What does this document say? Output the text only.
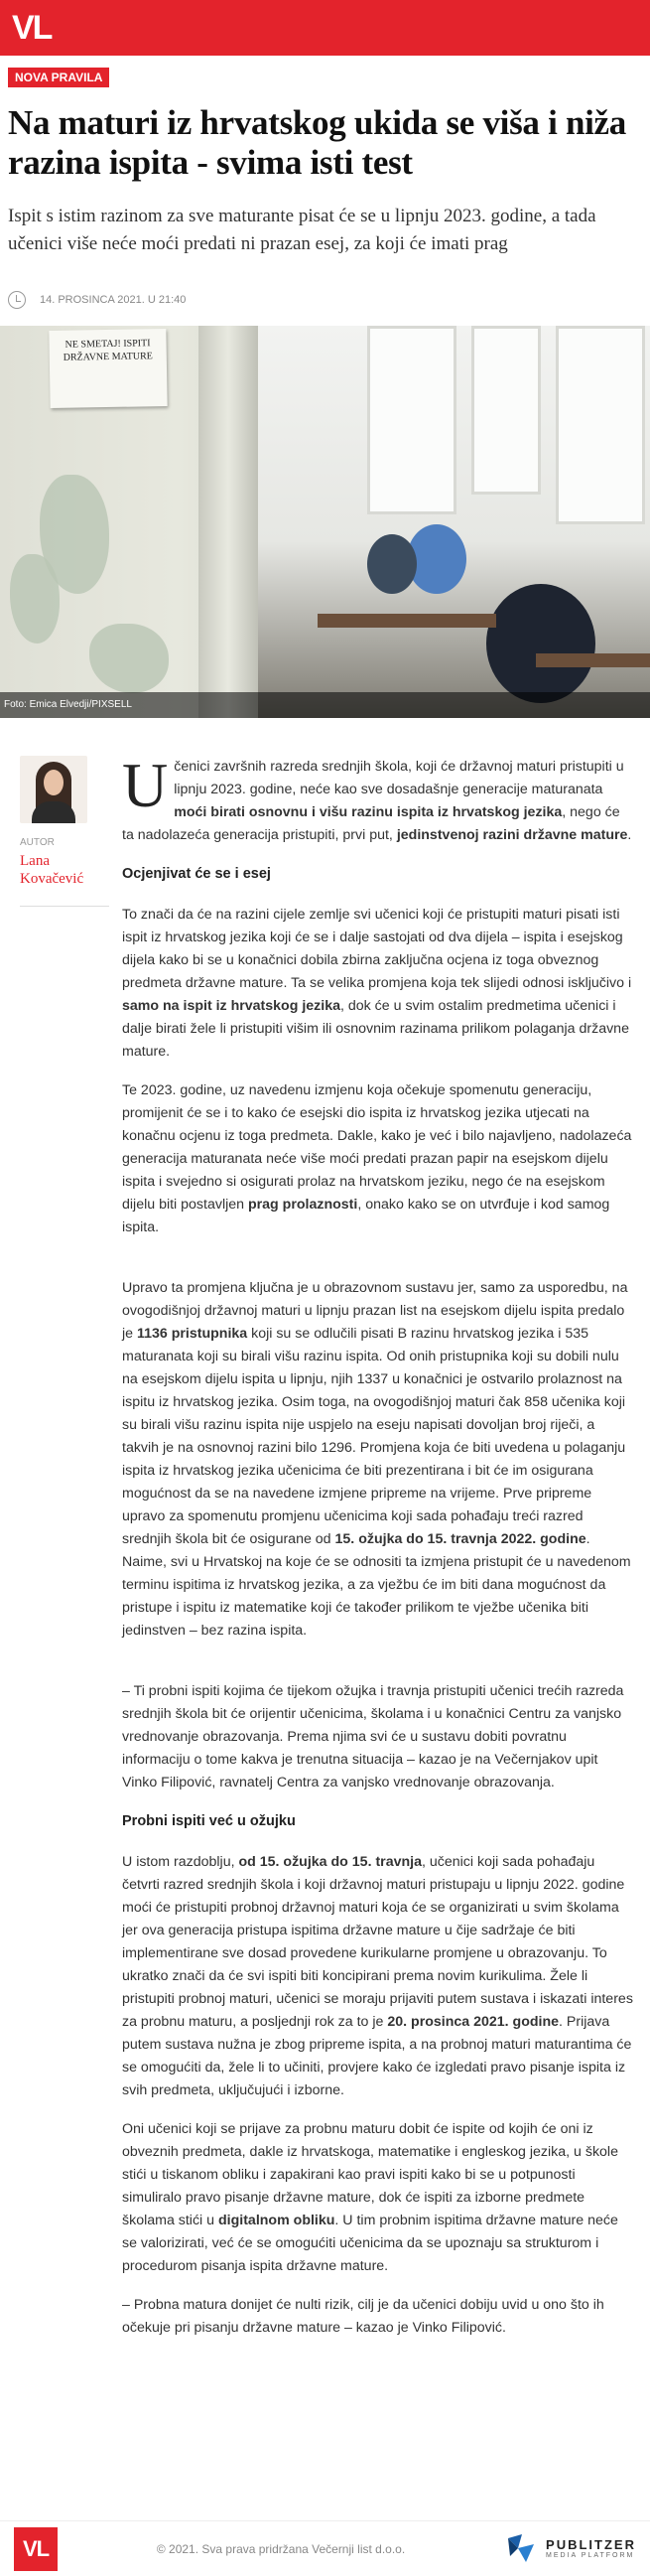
VL
NOVA PRAVILA
Na maturi iz hrvatskog ukida se viša i niža razina ispita - svima isti test

Ispit s istim razinom za sve maturante pisat će se u lipnju 2023. godine, a tada učenici više neće moći predati ni prazan esej, za koji će imati prag

14. PROSINCA 2021. U 21:40
NE SMETAJ! ISPITI DRŽAVNE MATURE
Foto: Emica Elvedji/PIXSELL
AUTOR
Lana Kovačević

Učenici završnih razreda srednjih škola, koji će državnoj maturi pristupiti u lipnju 2023. godine, neće kao sve dosadašnje generacije maturanata moći birati osnovnu i višu razinu ispita iz hrvatskog jezika, nego će ta nadolazeća generacija pristupiti, prvi put, jedinstvenoj razini državne mature.

Ocjenjivat će se i esej

To znači da će na razini cijele zemlje svi učenici koji će pristupiti maturi pisati isti ispit iz hrvatskog jezika koji će se i dalje sastojati od dva dijela – ispita i esejskog dijela kako bi se u konačnici dobila zbirna zaključna ocjena iz toga obveznog predmeta državne mature. Ta se velika promjena koja tek slijedi odnosi isključivo i samo na ispit iz hrvatskog jezika, dok će u svim ostalim predmetima učenici i dalje birati žele li pristupiti višim ili osnovnim razinama prilikom polaganja državne mature.

Te 2023. godine, uz navedenu izmjenu koja očekuje spomenutu generaciju, promijenit će se i to kako će esejski dio ispita iz hrvatskog jezika utjecati na konačnu ocjenu iz toga predmeta. Dakle, kako je već i bilo najavljeno, nadolazeća generacija maturanata neće više moći predati prazan papir na esejskom dijelu ispita i svejedno si osigurati prolaz na hrvatskom jeziku, nego će na esejskom dijelu biti postavljen prag prolaznosti, onako kako se on utvrđuje i kod samog ispita.

Upravo ta promjena ključna je u obrazovnom sustavu jer, samo za usporedbu, na ovogodišnjoj državnoj maturi u lipnju prazan list na esejskom dijelu ispita predalo je 1136 pristupnika koji su se odlučili pisati B razinu hrvatskog jezika i 535 maturanata koji su birali višu razinu ispita. Od onih pristupnika koji su dobili nulu na esejskom dijelu ispita u lipnju, njih 1337 u konačnici je ostvarilo prolaznost na ispitu iz hrvatskog jezika. Osim toga, na ovogodišnjoj maturi čak 858 učenika koji su birali višu razinu ispita nije uspjelo na eseju napisati dovoljan broj riječi, a takvih je na osnovnoj razini bilo 1296. Promjena koja će biti uvedena u polaganju ispita iz hrvatskog jezika učenicima će biti prezentirana i bit će im osigurana mogućnost da se na navedene izmjene pripreme na vrijeme. Prve pripreme upravo za spomenutu promjenu učenicima koji sada pohađaju treći razred srednjih škola bit će osigurane od 15. ožujka do 15. travnja 2022. godine. Naime, svi u Hrvatskoj na koje će se odnositi ta izmjena pristupit će u navedenom terminu ispitima iz hrvatskog jezika, a za vježbu će im biti dana mogućnost da pristupe i ispitu iz matematike koji će također prilikom te vježbe učenika biti jedinstven – bez razina ispita.

– Ti probni ispiti kojima će tijekom ožujka i travnja pristupiti učenici trećih razreda srednjih škola bit će orijentir učenicima, školama i u konačnici Centru za vanjsko vrednovanje obrazovanja. Prema njima svi će u sustavu dobiti povratnu informaciju o tome kakva je trenutna situacija – kazao je na Večernjakov upit Vinko Filipović, ravnatelj Centra za vanjsko vrednovanje obrazovanja.

Probni ispiti već u ožujku

U istom razdoblju, od 15. ožujka do 15. travnja, učenici koji sada pohađaju četvrti razred srednjih škola i koji državnoj maturi pristupaju u lipnju 2022. godine moći će pristupiti probnoj državnoj maturi koja će se organizirati u svim školama jer ova generacija pristupa ispitima državne mature u čije sadržaje će biti implementirane sve dosad provedene kurikularne promjene u obrazovanju. To ukratko znači da će svi ispiti biti koncipirani prema novim kurikulima. Žele li pristupiti probnoj maturi, učenici se moraju prijaviti putem sustava i iskazati interes za probnu maturu, a posljednji rok za to je 20. prosinca 2021. godine. Prijava putem sustava nužna je zbog pripreme ispita, a na probnoj maturi maturantima će se omogućiti da, žele li to učiniti, provjere kako će izgledati pravo pisanje ispita iz svih predmeta, uključujući i izborne.

Oni učenici koji se prijave za probnu maturu dobit će ispite od kojih će oni iz obveznih predmeta, dakle iz hrvatskoga, matematike i engleskog jezika, u škole stići u tiskanom obliku i zapakirani kao pravi ispiti kako bi se u potpunosti simuliralo pravo pisanje državne mature, dok će ispiti za izborne predmete školama stići u digitalnom obliku. U tim probnim ispitima državne mature neće se valorizirati, već će se omogućiti učenicima da se upoznaju sa strukturom i procedurom pisanja ispita državne mature.

– Probna matura donijet će nulti rizik, cilj je da učenici dobiju uvid u ono što ih očekuje pri pisanju državne mature – kazao je Vinko Filipović.

VL	© 2021. Sva prava pridržana Večernji list d.o.o.	PUBLITZER
MEDIA PLATFORM
